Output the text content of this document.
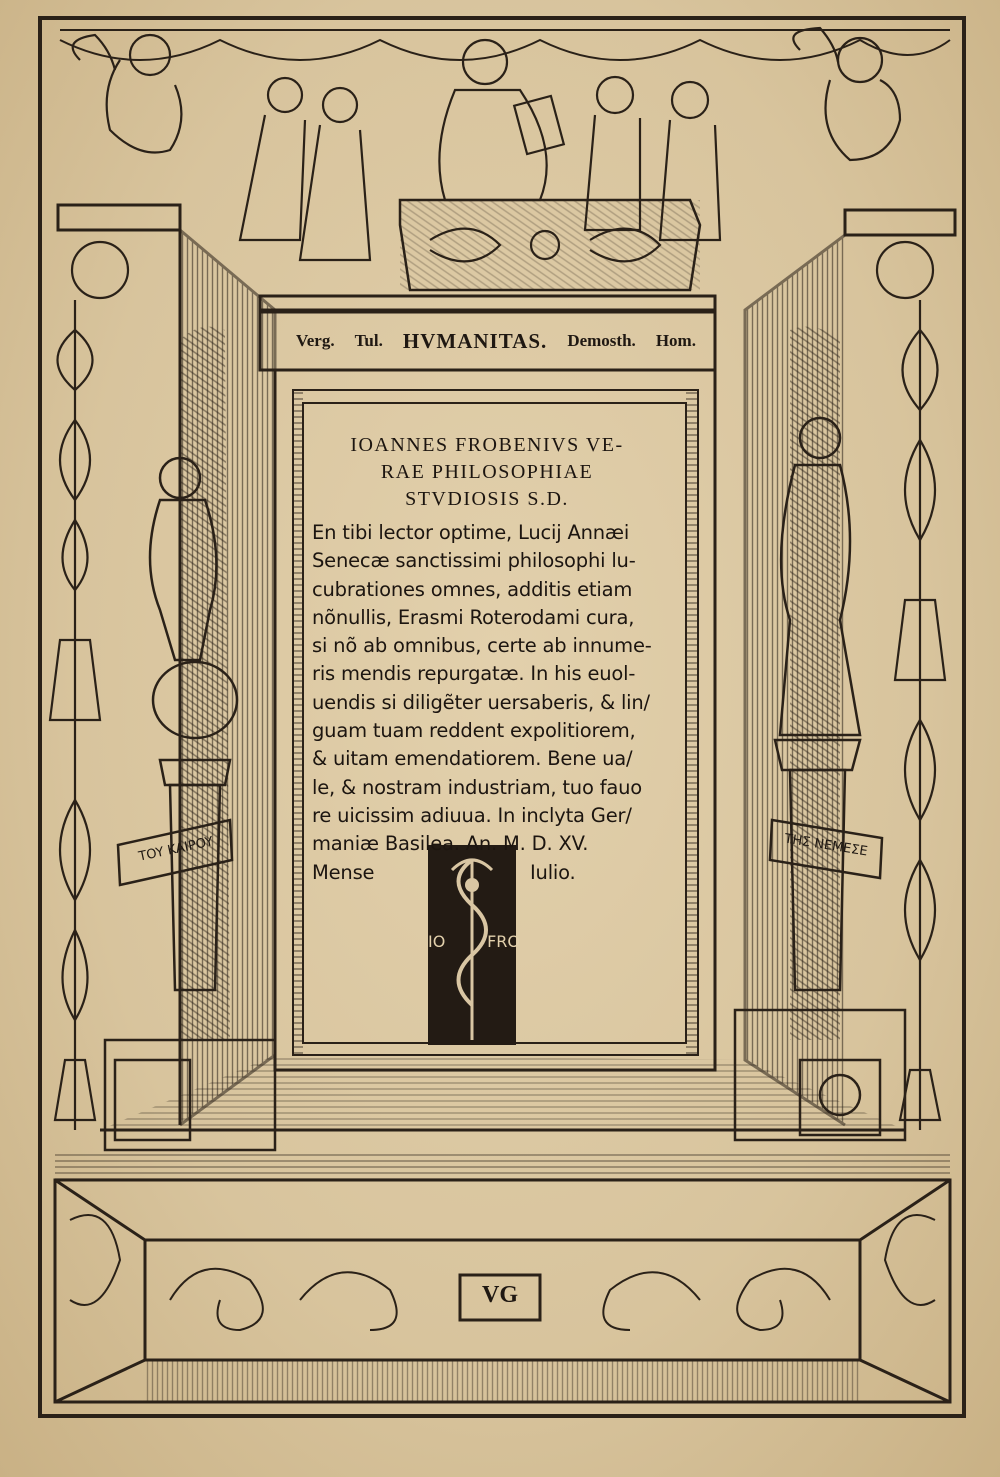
Verg. Tul. HVMANITAS. Demosth. Hom.
IOANNES FROBENIVS VE-
RAE PHILOSOPHIAE
STVDIOSIS S.D.
En tibi lector optime, Lucij Annæi
Senecæ sanctissimi philosophi lu-
cubrationes omnes, additis etiam
nõnullis, Erasmi Roterodami cura,
si nõ ab omnibus, certe ab innume-
ris mendis repurgatæ. In his euol-
uendis si diligẽter uersaberis, & lin/
guam tuam reddent expolitiorem,
& uitam emendatiorem. Bene ua/
le, & nostram industriam, tuo fauo
re uicissim adiuua. In inclyta Ger/
maniæ Basilea. An. M. D. XV.
Mense	Iulio.
IO	FRO
TOY KAIPOY	ΤΗΣ ΝΕΜΕΣΕ
VG
